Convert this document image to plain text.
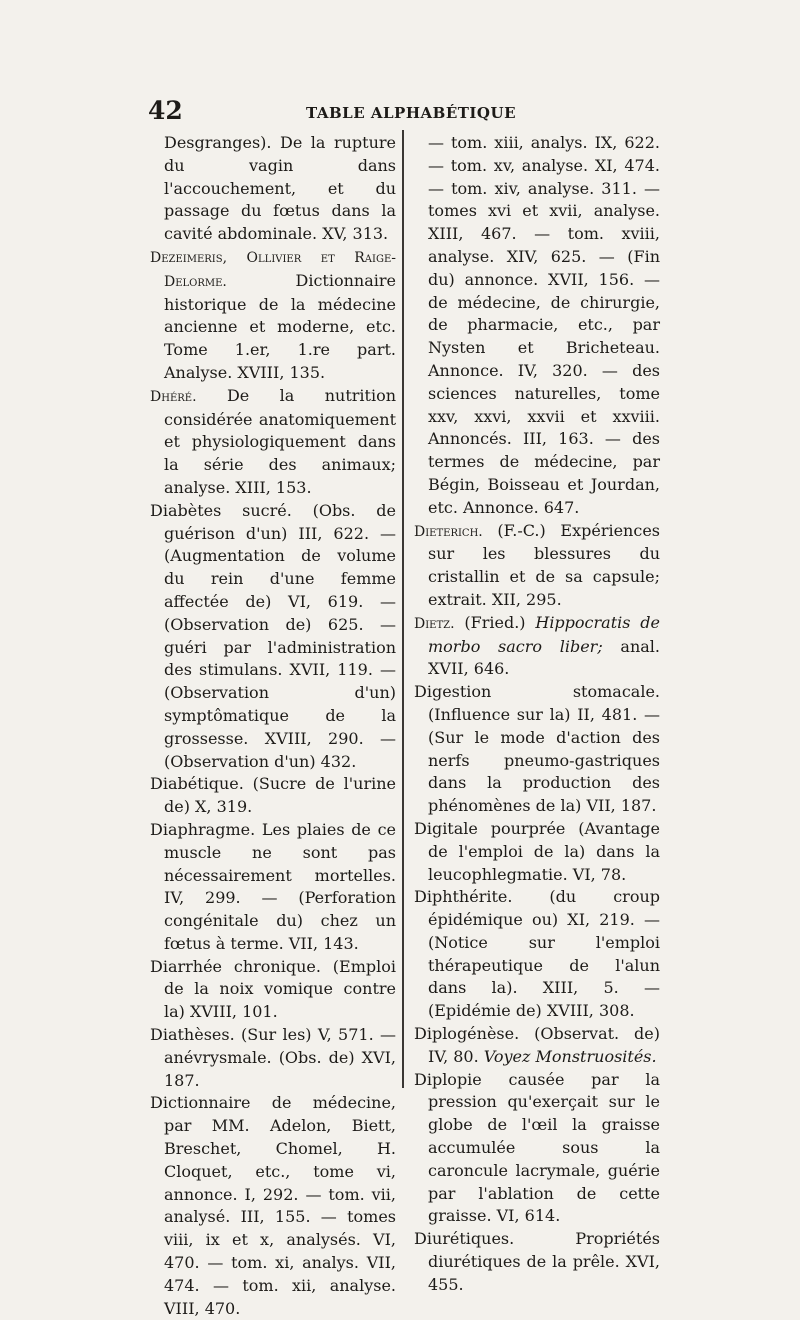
42	TABLE ALPHABÉTIQUE
Desgranges). De la rupture du vagin dans l'accouchement, et du passage du fœtus dans la cavité abdominale. XV, 313.
Dezeimeris, Ollivier et Raige-Delorme. Dictionnaire historique de la médecine ancienne et moderne, etc. Tome 1.er, 1.re part. Analyse. XVIII, 135.
Dhéré. De la nutrition considérée anatomiquement et physiologiquement dans la série des animaux; analyse. XIII, 153.
Diabètes sucré. (Obs. de guérison d'un) III, 622. — (Augmentation de volume du rein d'une femme affectée de) VI, 619. — (Observation de) 625. — guéri par l'administration des stimulans. XVII, 119. — (Observation d'un) symptômatique de la grossesse. XVIII, 290. — (Observation d'un) 432.
Diabétique. (Sucre de l'urine de) X, 319.
Diaphragme. Les plaies de ce muscle ne sont pas nécessairement mortelles. IV, 299. — (Perforation congénitale du) chez un fœtus à terme. VII, 143.
Diarrhée chronique. (Emploi de la noix vomique contre la) XVIII, 101.
Diathèses. (Sur les) V, 571. — anévrysmale. (Obs. de) XVI, 187.
Dictionnaire de médecine, par MM. Adelon, Biett, Breschet, Chomel, H. Cloquet, etc., tome vi, annonce. I, 292. — tom. vii, analysé. III, 155. — tomes viii, ix et x, analysés. VI, 470. — tom. xi, analys. VII, 474. — tom. xii, analyse. VIII, 470.
— tom. xiii, analys. IX, 622. — tom. xv, analyse. XI, 474. — tom. xiv, analyse. 311. — tomes xvi et xvii, analyse. XIII, 467. — tom. xviii, analyse. XIV, 625. — (Fin du) annonce. XVII, 156. — de médecine, de chirurgie, de pharmacie, etc., par Nysten et Bricheteau. Annonce. IV, 320. — des sciences naturelles, tome xxv, xxvi, xxvii et xxviii. Annoncés. III, 163. — des termes de médecine, par Bégin, Boisseau et Jourdan, etc. Annonce. 647.
Dieterich. (F.-C.) Expériences sur les blessures du cristallin et de sa capsule; extrait. XII, 295.
Dietz. (Fried.) Hippocratis de morbo sacro liber; anal. XVII, 646.
Digestion stomacale. (Influence sur la) II, 481. — (Sur le mode d'action des nerfs pneumo-gastriques dans la production des phénomènes de la) VII, 187.
Digitale pourprée (Avantage de l'emploi de la) dans la leucophlegmatie. VI, 78.
Diphthérite. (du croup épidémique ou) XI, 219. — (Notice sur l'emploi thérapeutique de l'alun dans la). XIII, 5. — (Epidémie de) XVIII, 308.
Diplogénèse. (Observat. de) IV, 80. Voyez Monstruosités.
Diplopie causée par la pression qu'exerçait sur le globe de l'œil la graisse accumulée sous la caroncule lacrymale, guérie par l'ablation de cette graisse. VI, 614.
Diurétiques. Propriétés diurétiques de la prêle. XVI, 455.
